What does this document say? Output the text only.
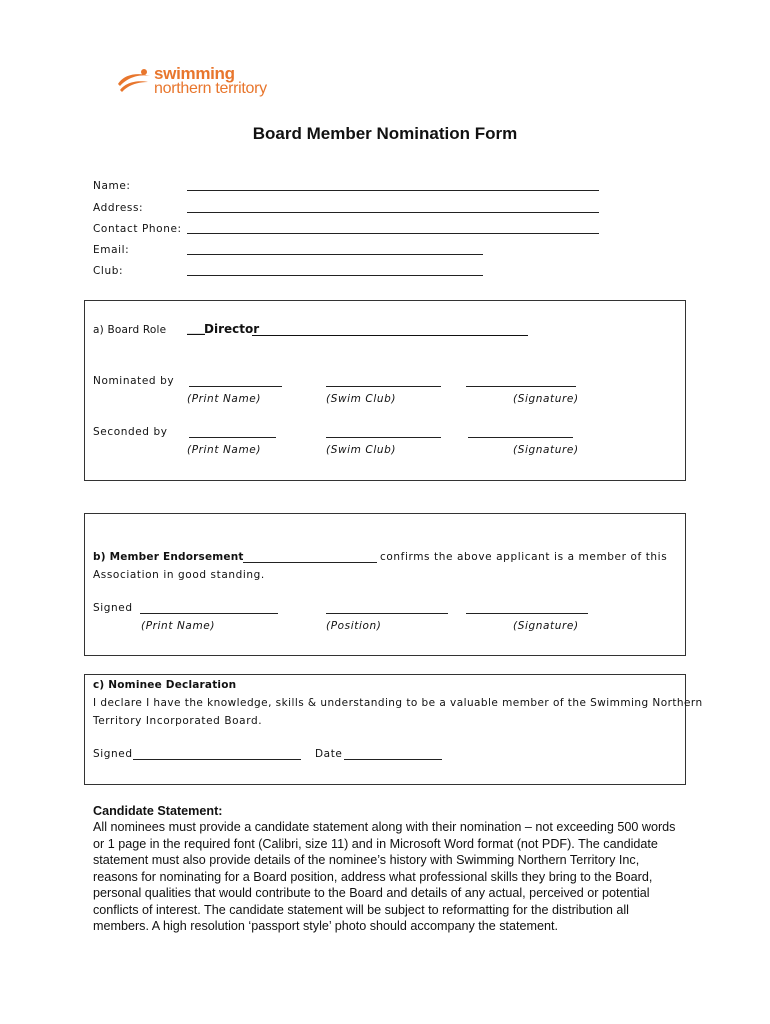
swimming
northern territory
Board Member Nomination Form
Name:
Address:
Contact Phone:
Email:
Club:
a) Board Role ___ Director
Nominated by
(Print Name)	(Swim Club)	(Signature)
Seconded by
(Print Name)	(Swim Club)	(Signature)
b) Member Endorsement	confirms the above applicant is a member of this
Association in good standing.
Signed
(Print Name)	(Position)	(Signature)
c) Nominee Declaration
I declare I have the knowledge, skills & understanding to be a valuable member of the Swimming Northern
Territory Incorporated Board.
Signed	Date
Candidate Statement:
All nominees must provide a candidate statement along with their nomination – not exceeding 500 words or 1 page in the required font (Calibri, size 11) and in Microsoft Word format (not PDF). The candidate statement must also provide details of the nominee’s history with Swimming Northern Territory Inc, reasons for nominating for a Board position, address what professional skills they bring to the Board, personal qualities that would contribute to the Board and details of any actual, perceived or potential conflicts of interest. The candidate statement will be subject to reformatting for the distribution all members. A high resolution ‘passport style’ photo should accompany the statement.
